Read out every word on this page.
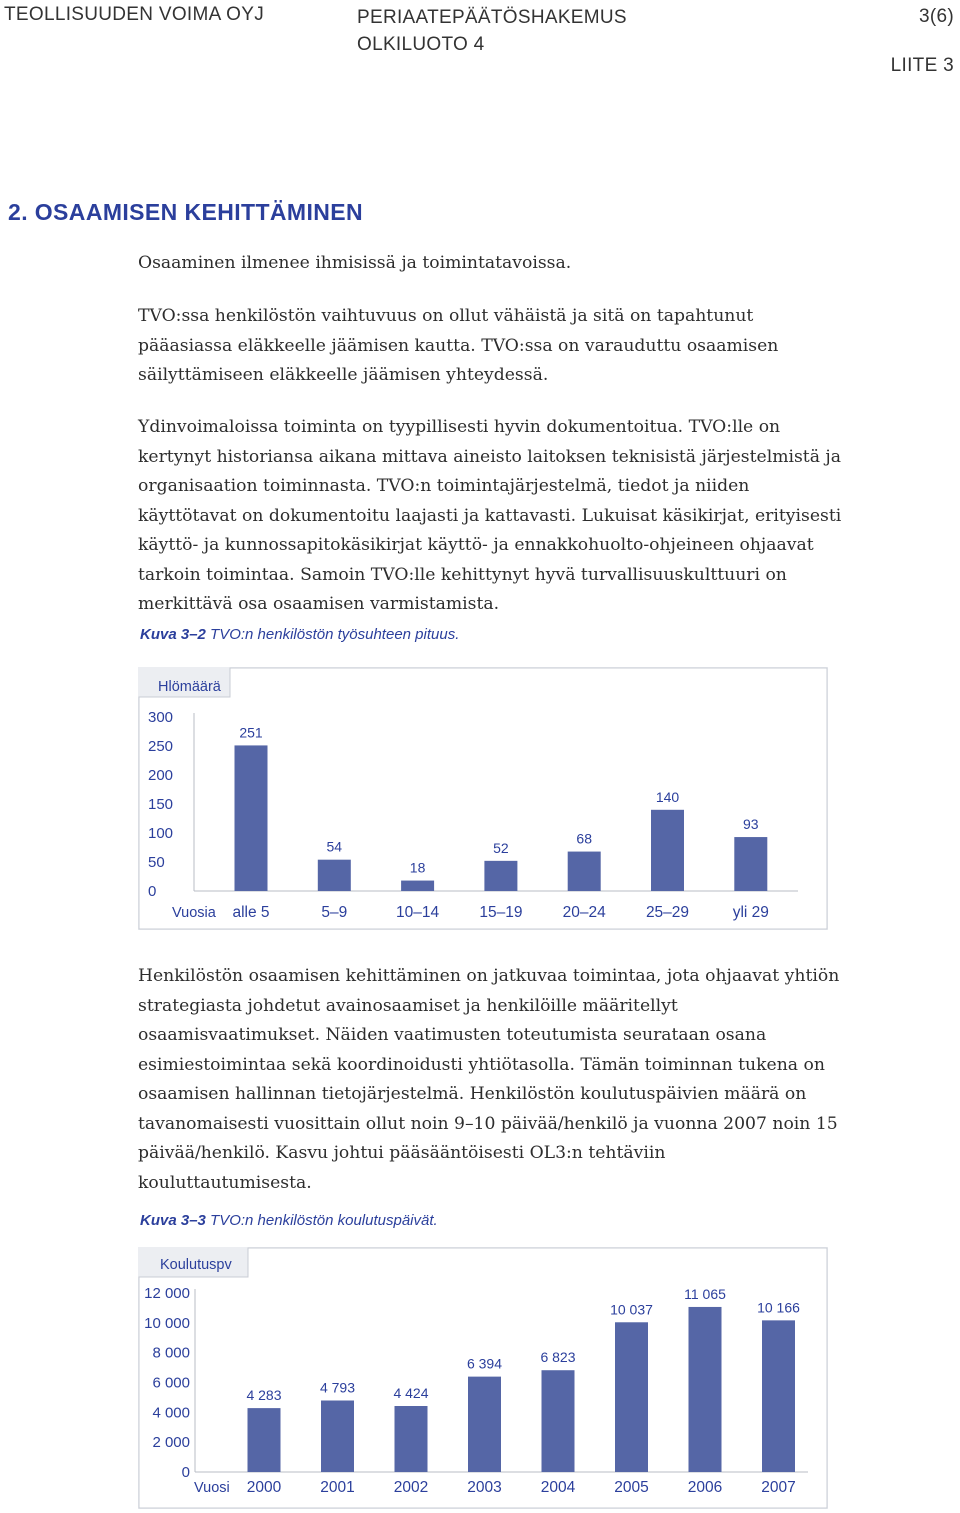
TEOLLISUUDEN VOIMA OYJ	PERIAATEPÄÄTÖSHAKEMUS
OLKILUOTO 4
3(6)
LIITE 3
2. OSAAMISEN KEHITTÄMINEN

Osaaminen ilmenee ihmisissä ja toimintatavoissa.

TVO:ssa henkilöstön vaihtuvuus on ollut vähäistä ja sitä on tapahtunut pääasiassa eläkkeelle jäämisen kautta. TVO:ssa on varauduttu osaamisen säilyttämiseen eläkkeelle jäämisen yhteydessä.

Ydinvoimaloissa toiminta on tyypillisesti hyvin dokumentoitua. TVO:lle on kertynyt historiansa aikana mittava aineisto laitoksen teknisistä järjestelmistä ja organisaation toiminnasta. TVO:n toimintajärjestelmä, tiedot ja niiden käyttötavat on dokumentoitu laajasti ja kattavasti. Lukuisat käsikirjat, erityisesti käyttö- ja kunnossapitokäsikirjat käyttö- ja ennakkohuolto-ohjeineen ohjaavat tarkoin toimintaa. Samoin TVO:lle kehittynyt hyvä turvallisuuskulttuuri on merkittävä osa osaamisen varmistamista.

Kuva 3–2 TVO:n henkilöstön työsuhteen pituus.
Hlömäärä
0
50
100
150
200
250
300
Vuosia
251
alle 5
54
5–9
18
10–14
52
15–19
68
20–24
140
25–29
93
yli 29

Henkilöstön osaamisen kehittäminen on jatkuvaa toimintaa, jota ohjaavat yhtiön strategiasta johdetut avainosaamiset ja henkilöille määritellyt osaamisvaatimukset. Näiden vaatimusten toteutumista seurataan osana esimiestoimintaa sekä koordinoidusti yhtiötasolla. Tämän toiminnan tukena on osaamisen hallinnan tietojärjestelmä. Henkilöstön koulutuspäivien määrä on tavanomaisesti vuosittain ollut noin 9–10 päivää/henkilö ja vuonna 2007 noin 15 päivää/henkilö. Kasvu johtui pääsääntöisesti OL3:n tehtäviin kouluttautumisesta.

Kuva 3–3 TVO:n henkilöstön koulutuspäivät.
Koulutuspv
0
2 000
4 000
6 000
8 000
10 000
12 000
Vuosi
4 283
2000
4 793
2001
4 424
2002
6 394
2003
6 823
2004
10 037
2005
11 065
2006
10 166
2007
